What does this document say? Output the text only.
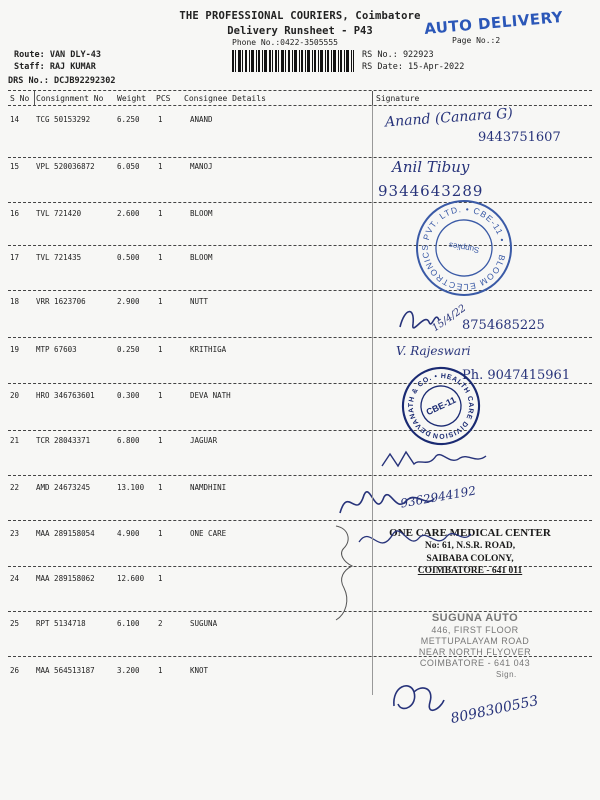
THE PROFESSIONAL COURIERS, Coimbatore
Delivery Runsheet - P43
Phone No.:0422-3505555
AUTO DELIVERY
Page No.:2
Route: VAN DLY-43
Staff: RAJ KUMAR
DRS No.: DCJB92292302
RS No.: 922923
RS Date: 15-Apr-2022
S No Consignment No Weight PCS Consignee Details	Signature
14 TCG 50153292	6.250 1	ANAND
15 VPL 520036872	6.050 1	MANOJ
16 TVL 721420	2.600 1	BLOOM
17 TVL 721435	0.500 1	BLOOM
18 VRR 1623706	2.900 1	NUTT
19 MTP 67603	0.250 1	KRITHIGA
20 HRO 346763601	0.300 1	DEVA NATH
21 TCR 28043371	6.800 1	JAGUAR
22 AMD 24673245	13.100 1	NAMDHINI
23 MAA 289158054	4.900 1	ONE CARE
24 MAA 289158062	12.600 1
25 RPT 5134718	6.100 2	SUGUNA
26 MAA 564513187	3.200 1	KNOT
Anand (Canara G)
9443751607
Anil Tibuy
9344643289
BLOOM ELECTRONICS PVT. LTD. • CBE-11 •
Supplies
15/4/22
8754685225
V. Rajeswari
Ph. 9047415961
DEVANATH & CO. • HEALTH CARE DIVISION
CBE-11
9362944192
ONE CARE MEDICAL CENTER
No: 61, N.S.R. ROAD,
SAIBABA COLONY,
COIMBATORE - 641 011
SUGUNA AUTO
446, FIRST FLOOR
METTUPALAYAM ROAD
NEAR NORTH FLYOVER
COIMBATORE - 641 043
Sign.
8098300553
